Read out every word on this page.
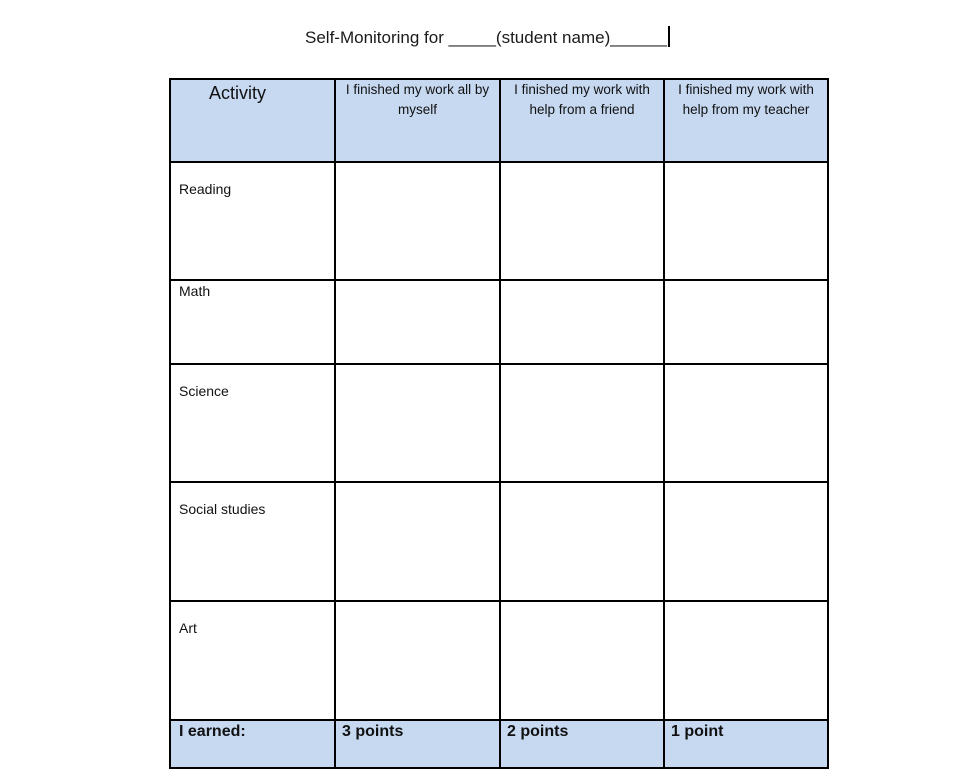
Self-Monitoring for _____(student name)______
Activity	I finished my work all by myself	I finished my work with help from a friend	I finished my work with help from my teacher
Reading			
Math			
Science			
Social studies			
Art			
I earned:	3 points	2 points	1 point
